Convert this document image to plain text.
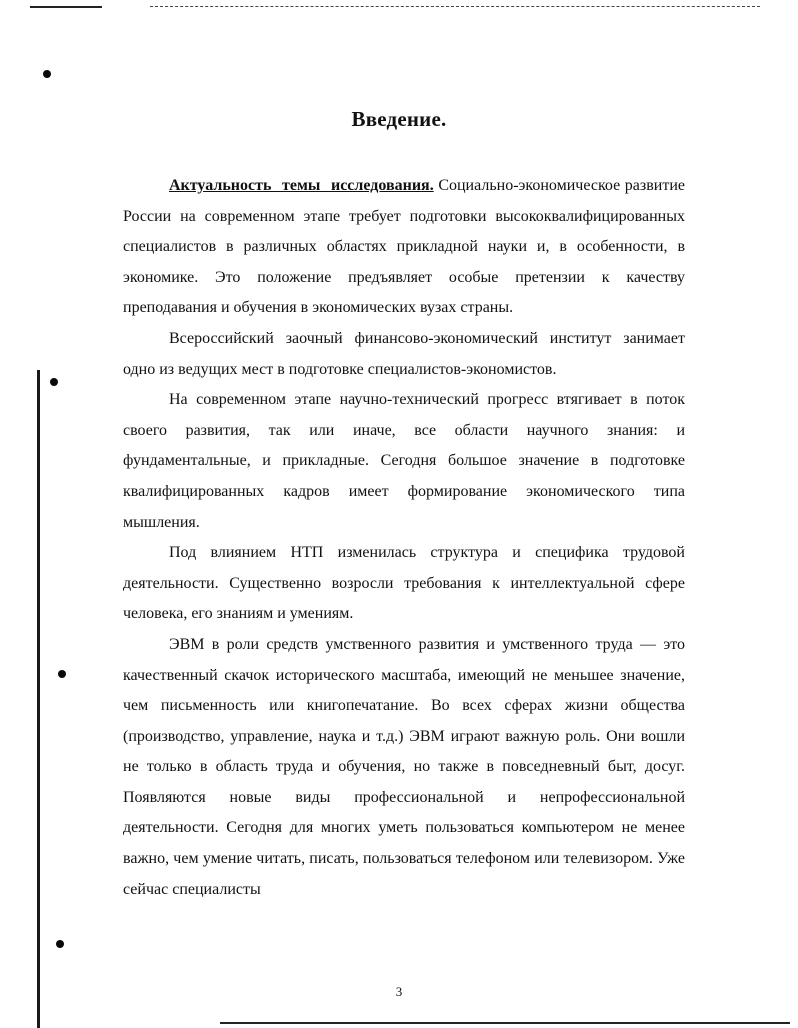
Введение.

Актуальность темы исследования. Социально-экономическое развитие России на современном этапе требует подготовки высококвалифицированных специалистов в различных областях прикладной науки и, в особенности, в экономике. Это положение предъявляет особые претензии к качеству преподавания и обучения в экономических вузах страны.

Всероссийский заочный финансово-экономический институт занимает одно из ведущих мест в подготовке специалистов-экономистов.

На современном этапе научно-технический прогресс втягивает в поток своего развития, так или иначе, все области научного знания: и фундаментальные, и прикладные. Сегодня большое значение в подготовке квалифицированных кадров имеет формирование экономического типа мышления.

Под влиянием НТП изменилась структура и специфика трудовой деятельности. Существенно возросли требования к интеллектуальной сфере человека, его знаниям и умениям.

ЭВМ в роли средств умственного развития и умственного труда — это качественный скачок исторического масштаба, имеющий не меньшее значение, чем письменность или книгопечатание. Во всех сферах жизни общества (производство, управление, наука и т.д.) ЭВМ играют важную роль. Они вошли не только в область труда и обучения, но также в повседневный быт, досуг. Появляются новые виды профессиональной и непрофессиональной деятельности. Сегодня для многих уметь пользоваться компьютером не менее важно, чем умение читать, писать, пользоваться телефоном или телевизором. Уже сейчас специалисты

3
